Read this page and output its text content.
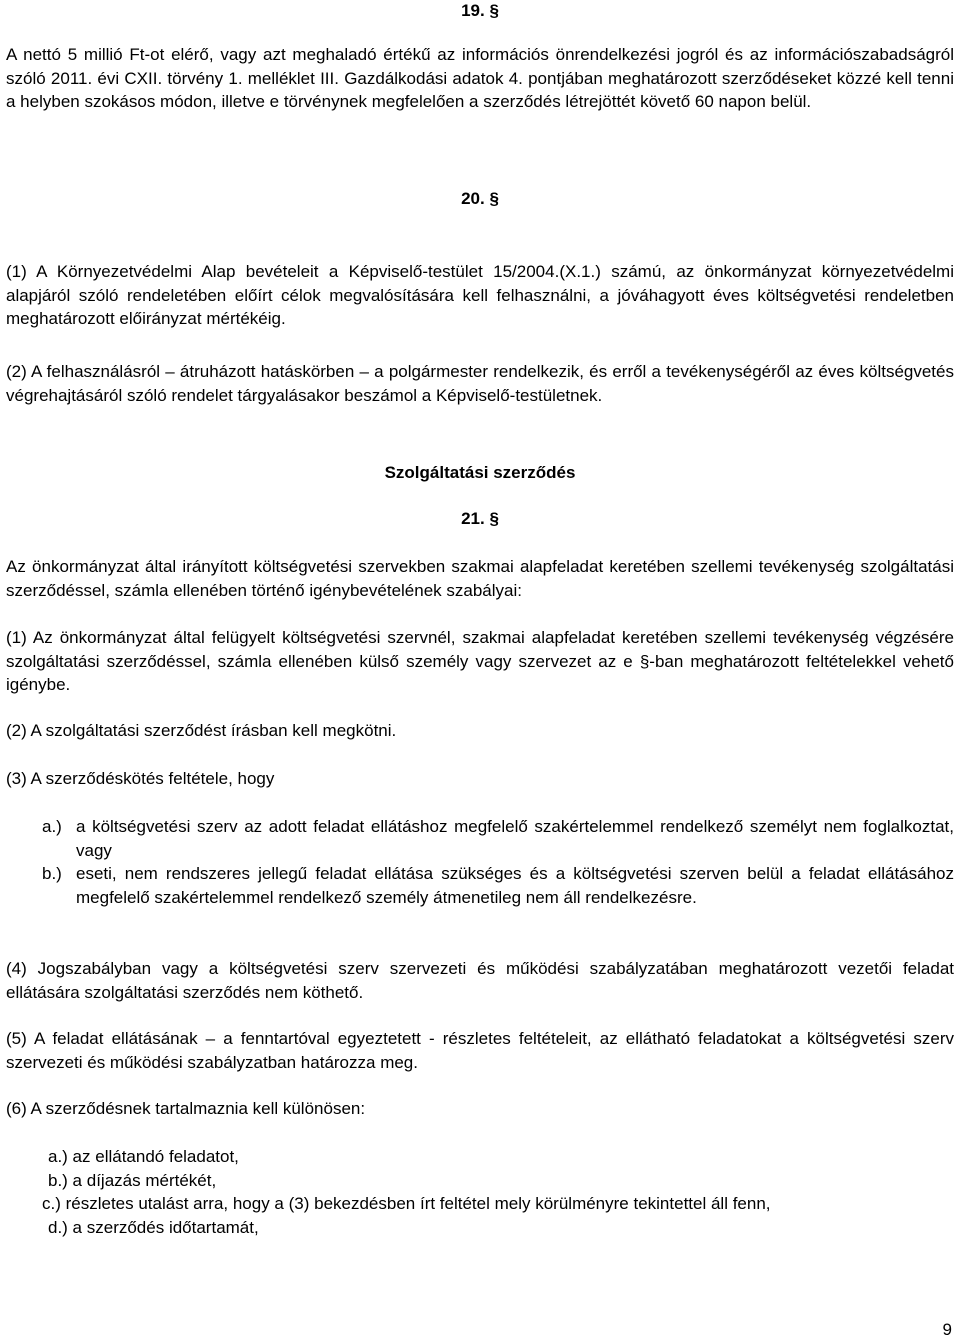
19. §

A nettó 5 millió Ft-ot elérő, vagy azt meghaladó értékű az információs önrendelkezési jogról és az információszabadságról szóló 2011. évi CXII. törvény 1. melléklet III. Gazdálkodási adatok 4. pontjában meghatározott szerződéseket közzé kell tenni a helyben szokásos módon, illetve e törvénynek megfelelően a szerződés létrejöttét követő 60 napon belül.

20. §

(1) A Környezetvédelmi Alap bevételeit a Képviselő-testület 15/2004.(X.1.) számú, az önkormányzat környezetvédelmi alapjáról szóló rendeletében előírt célok megvalósítására kell felhasználni, a jóváhagyott éves költségvetési rendeletben meghatározott előirányzat mértékéig.

(2) A felhasználásról – átruházott hatáskörben – a polgármester rendelkezik, és erről a tevékenységéről az éves költségvetés végrehajtásáról szóló rendelet tárgyalásakor beszámol a Képviselő-testületnek.

Szolgáltatási szerződés
21. §

Az önkormányzat által irányított költségvetési szervekben szakmai alapfeladat keretében szellemi tevékenység szolgáltatási szerződéssel, számla ellenében történő igénybevételének szabályai:

(1) Az önkormányzat által felügyelt költségvetési szervnél, szakmai alapfeladat keretében szellemi tevékenység végzésére szolgáltatási szerződéssel, számla ellenében külső személy vagy szervezet az e §-ban meghatározott feltételekkel vehető igénybe.

(2) A szolgáltatási szerződést írásban kell megkötni.

(3) A szerződéskötés feltétele, hogy

a.) a költségvetési szerv az adott feladat ellátáshoz megfelelő szakértelemmel rendelkező személyt nem foglalkoztat, vagy
b.) eseti, nem rendszeres jellegű feladat ellátása szükséges és a költségvetési szerven belül a feladat ellátásához megfelelő szakértelemmel rendelkező személy átmenetileg nem áll rendelkezésre.

(4) Jogszabályban vagy a költségvetési szerv szervezeti és működési szabályzatában meghatározott vezetői feladat ellátására szolgáltatási szerződés nem köthető.

(5) A feladat ellátásának – a fenntartóval egyeztetett - részletes feltételeit, az ellátható feladatokat a költségvetési szerv szervezeti és működési szabályzatban határozza meg.

(6) A szerződésnek tartalmaznia kell különösen:

a.) az ellátandó feladatot,
b.) a díjazás mértékét,
c.) részletes utalást arra, hogy a (3) bekezdésben írt feltétel mely körülményre tekintettel áll fenn,
d.) a szerződés időtartamát,
9
